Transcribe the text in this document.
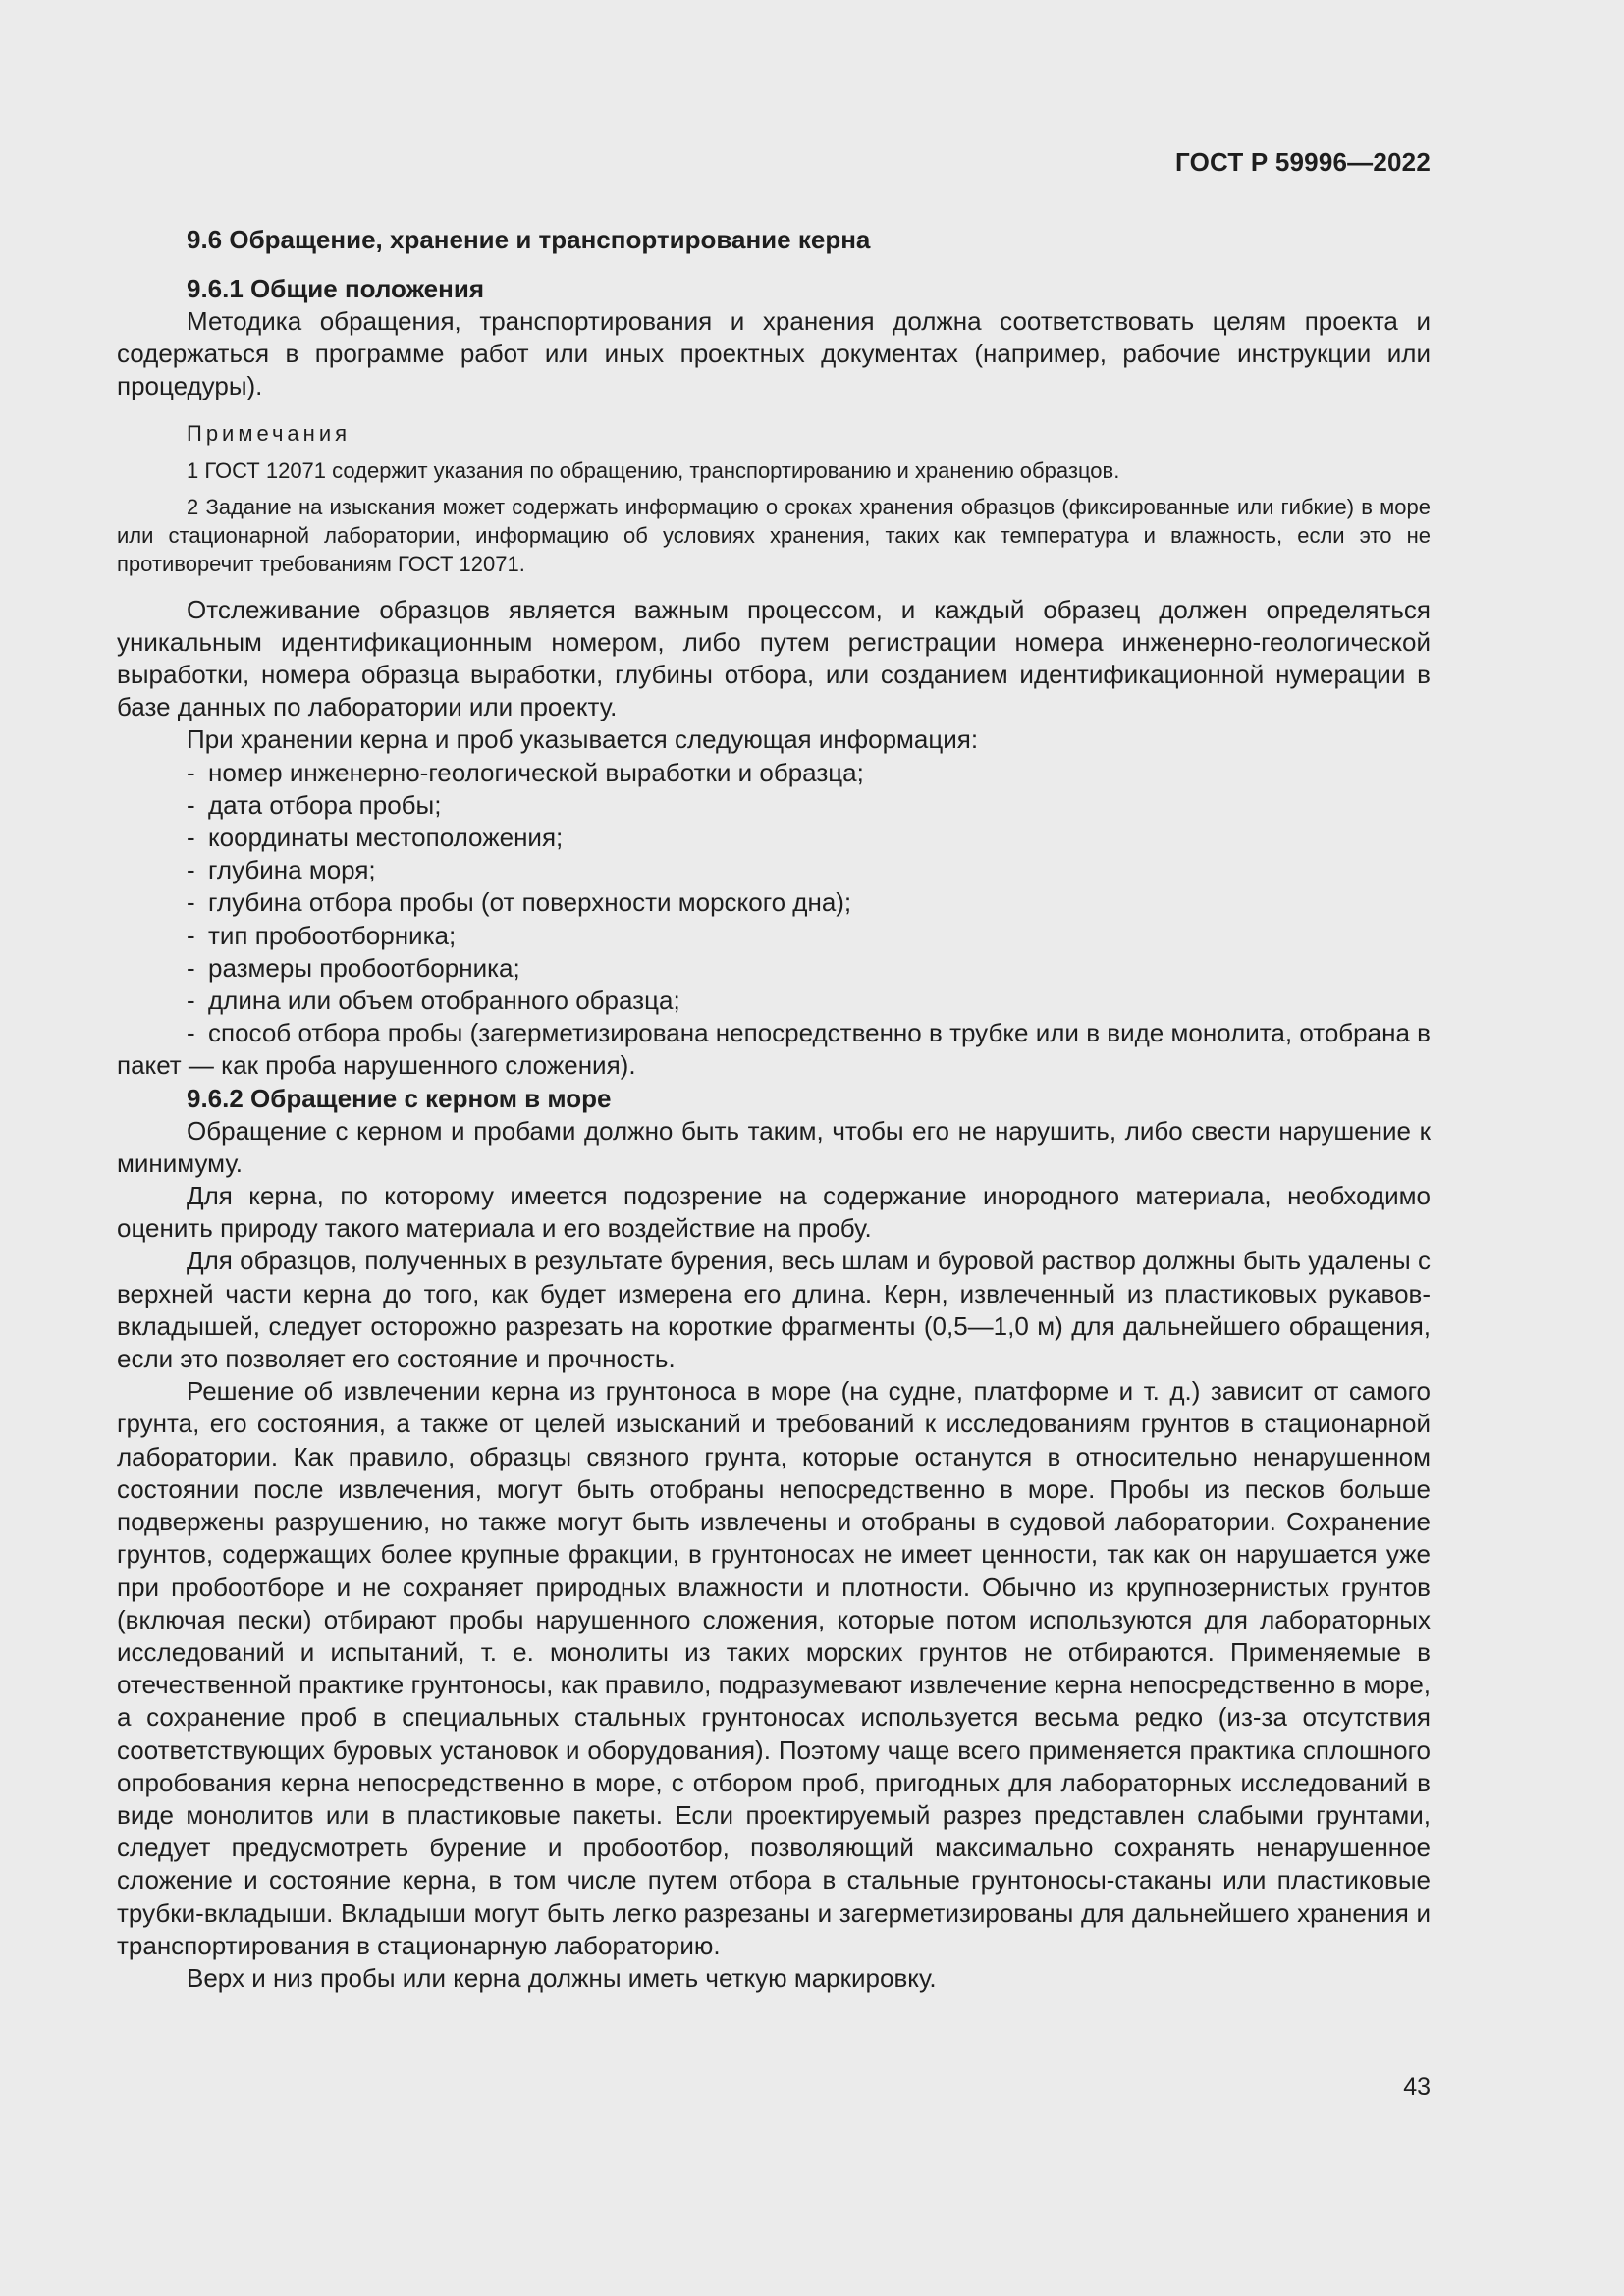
ГОСТ Р 59996—2022
9.6 Обращение, хранение и транспортирование керна
9.6.1 Общие положения

Методика обращения, транспортирования и хранения должна соответствовать целям проекта и содержаться в программе работ или иных проектных документах (например, рабочие инструкции или процедуры).

Примечания

1 ГОСТ 12071 содержит указания по обращению, транспортированию и хранению образцов.

2 Задание на изыскания может содержать информацию о сроках хранения образцов (фиксированные или гибкие) в море или стационарной лаборатории, информацию об условиях хранения, таких как температура и влажность, если это не противоречит требованиям ГОСТ 12071.

Отслеживание образцов является важным процессом, и каждый образец должен определяться уникальным идентификационным номером, либо путем регистрации номера инженерно-геологической выработки, номера образца выработки, глубины отбора, или созданием идентификационной нумерации в базе данных по лаборатории или проекту.

При хранении керна и проб указывается следующая информация:

- номер инженерно-геологической выработки и образца;

- дата отбора пробы;

- координаты местоположения;

- глубина моря;

- глубина отбора пробы (от поверхности морского дна);

- тип пробоотборника;

- размеры пробоотборника;

- длина или объем отобранного образца;

- способ отбора пробы (загерметизирована непосредственно в трубке или в виде монолита, отобрана в пакет — как проба нарушенного сложения).

9.6.2 Обращение с керном в море

Обращение с керном и пробами должно быть таким, чтобы его не нарушить, либо свести нарушение к минимуму.

Для керна, по которому имеется подозрение на содержание инородного материала, необходимо оценить природу такого материала и его воздействие на пробу.

Для образцов, полученных в результате бурения, весь шлам и буровой раствор должны быть удалены с верхней части керна до того, как будет измерена его длина. Керн, извлеченный из пластиковых рукавов-вкладышей, следует осторожно разрезать на короткие фрагменты (0,5—1,0 м) для дальнейшего обращения, если это позволяет его состояние и прочность.

Решение об извлечении керна из грунтоноса в море (на судне, платформе и т. д.) зависит от самого грунта, его состояния, а также от целей изысканий и требований к исследованиям грунтов в стационарной лаборатории. Как правило, образцы связного грунта, которые останутся в относительно ненарушенном состоянии после извлечения, могут быть отобраны непосредственно в море. Пробы из песков больше подвержены разрушению, но также могут быть извлечены и отобраны в судовой лаборатории. Сохранение грунтов, содержащих более крупные фракции, в грунтоносах не имеет ценности, так как он нарушается уже при пробоотборе и не сохраняет природных влажности и плотности. Обычно из крупнозернистых грунтов (включая пески) отбирают пробы нарушенного сложения, которые потом используются для лабораторных исследований и испытаний, т. е. монолиты из таких морских грунтов не отбираются. Применяемые в отечественной практике грунтоносы, как правило, подразумевают извлечение керна непосредственно в море, а сохранение проб в специальных стальных грунтоносах используется весьма редко (из-за отсутствия соответствующих буровых установок и оборудования). Поэтому чаще всего применяется практика сплошного опробования керна непосредственно в море, с отбором проб, пригодных для лабораторных исследований в виде монолитов или в пластиковые пакеты. Если проектируемый разрез представлен слабыми грунтами, следует предусмотреть бурение и пробоотбор, позволяющий максимально сохранять ненарушенное сложение и состояние керна, в том числе путем отбора в стальные грунтоносы-стаканы или пластиковые трубки-вкладыши. Вкладыши могут быть легко разрезаны и загерметизированы для дальнейшего хранения и транспортирования в стационарную лабораторию.

Верх и низ пробы или керна должны иметь четкую маркировку.

43
